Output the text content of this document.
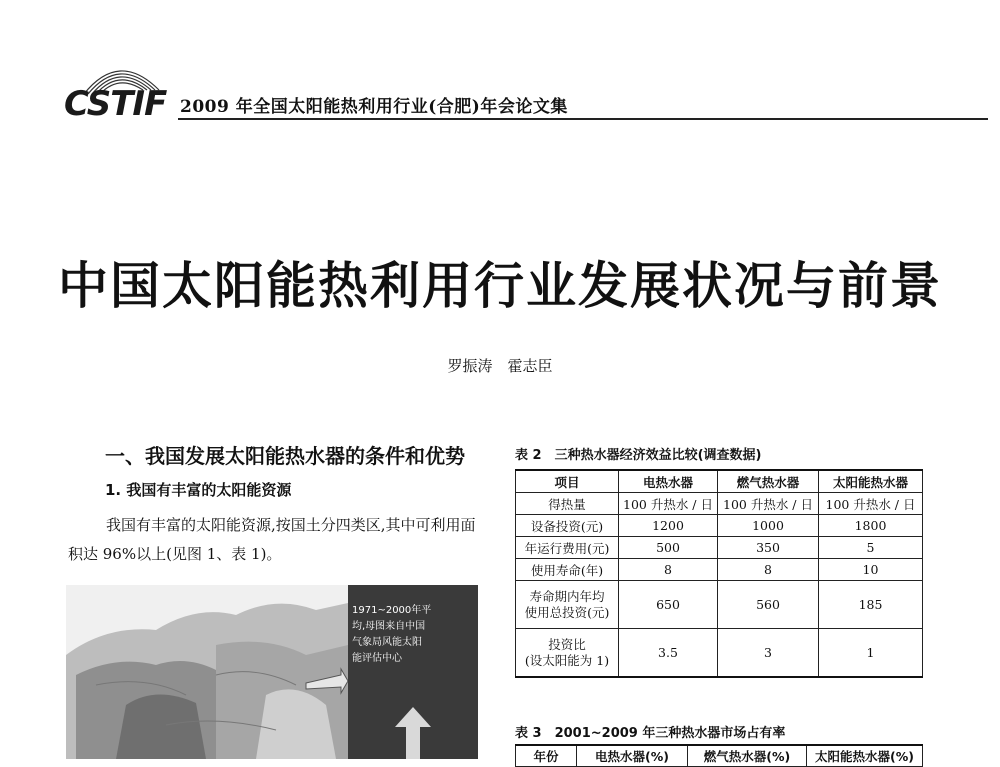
CSTIF 2009 年全国太阳能热利用行业(合肥)年会论文集
中国太阳能热利用行业发展状况与前景
罗振涛　霍志臣
一、我国发展太阳能热水器的条件和优势
1. 我国有丰富的太阳能资源
我国有丰富的太阳能资源,按国土分四类区,其中可利用面积达 96%以上(见图 1、表 1)。
1971~2000年平
均,母图来自中国
气象局风能太阳
能评估中心
表 2　三种热水器经济效益比较(调查数据)
项目	电热水器	燃气热水器	太阳能热水器
得热量	100 升热水 / 日	100 升热水 / 日	100 升热水 / 日
设备投资(元)	1200	1000	1800
年运行费用(元)	500	350	5
使用寿命(年)	8	8	10
寿命期内年均
使用总投资(元)	650	560	185
投资比
(设太阳能为 1)	3.5	3	1
表 3　2001~2009 年三种热水器市场占有率
年份	电热水器(%)	燃气热水器(%)	太阳能热水器(%)
